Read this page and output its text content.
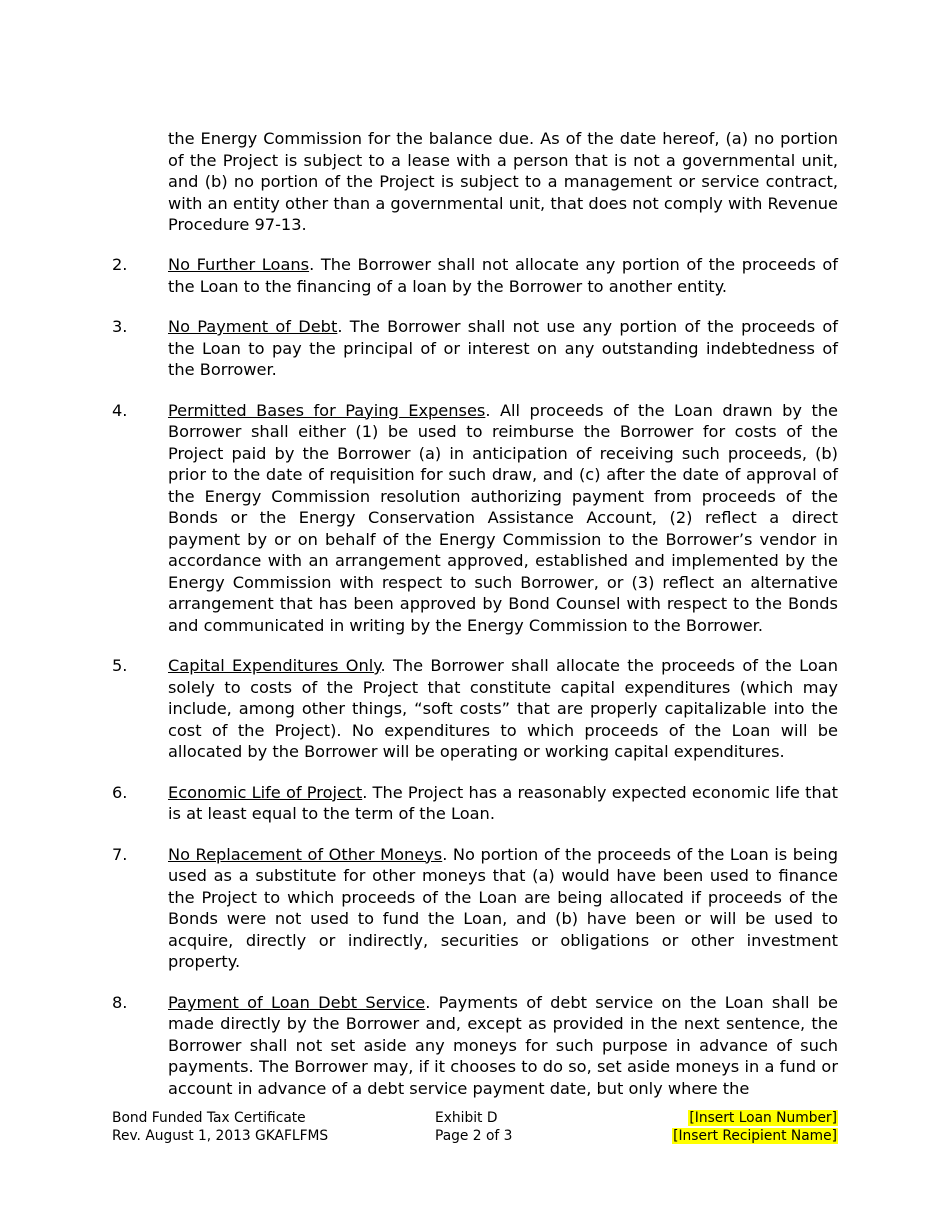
the Energy Commission for the balance due. As of the date hereof, (a) no portion of the Project is subject to a lease with a person that is not a governmental unit, and (b) no portion of the Project is subject to a management or service contract, with an entity other than a governmental unit, that does not comply with Revenue Procedure 97-13.

2.	No Further Loans. The Borrower shall not allocate any portion of the proceeds of the Loan to the financing of a loan by the Borrower to another entity.
3.	No Payment of Debt. The Borrower shall not use any portion of the proceeds of the Loan to pay the principal of or interest on any outstanding indebtedness of the Borrower.
4.	Permitted Bases for Paying Expenses. All proceeds of the Loan drawn by the Borrower shall either (1) be used to reimburse the Borrower for costs of the Project paid by the Borrower (a) in anticipation of receiving such proceeds, (b) prior to the date of requisition for such draw, and (c) after the date of approval of the Energy Commission resolution authorizing payment from proceeds of the Bonds or the Energy Conservation Assistance Account, (2) reflect a direct payment by or on behalf of the Energy Commission to the Borrower’s vendor in accordance with an arrangement approved, established and implemented by the Energy Commission with respect to such Borrower, or (3) reflect an alternative arrangement that has been approved by Bond Counsel with respect to the Bonds and communicated in writing by the Energy Commission to the Borrower.
5.	Capital Expenditures Only. The Borrower shall allocate the proceeds of the Loan solely to costs of the Project that constitute capital expenditures (which may include, among other things, “soft costs” that are properly capitalizable into the cost of the Project). No expenditures to which proceeds of the Loan will be allocated by the Borrower will be operating or working capital expenditures.
6.	Economic Life of Project. The Project has a reasonably expected economic life that is at least equal to the term of the Loan.
7.	No Replacement of Other Moneys. No portion of the proceeds of the Loan is being used as a substitute for other moneys that (a) would have been used to finance the Project to which proceeds of the Loan are being allocated if proceeds of the Bonds were not used to fund the Loan, and (b) have been or will be used to acquire, directly or indirectly, securities or obligations or other investment property.
8.	Payment of Loan Debt Service. Payments of debt service on the Loan shall be made directly by the Borrower and, except as provided in the next sentence, the Borrower shall not set aside any moneys for such purpose in advance of such payments. The Borrower may, if it chooses to do so, set aside moneys in a fund or account in advance of a debt service payment date, but only where the
Bond Funded Tax Certificate
Rev. August 1, 2013 GKAFLFMS
Exhibit D
Page 2 of 3
[Insert Loan Number]
[Insert Recipient Name]
